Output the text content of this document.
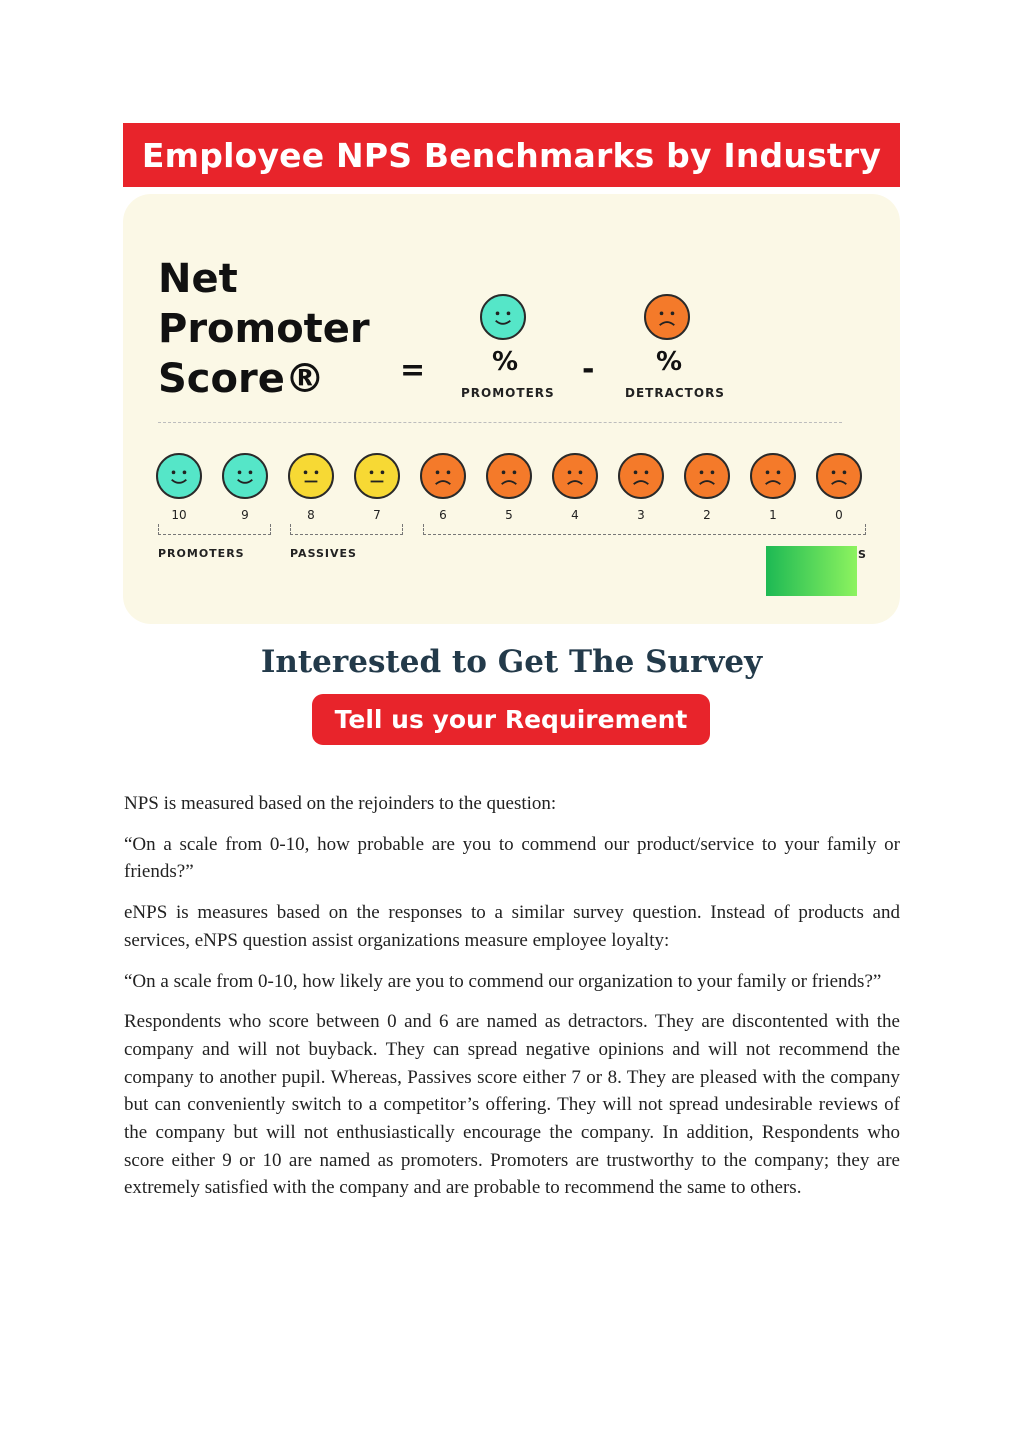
Employee NPS Benchmarks by Industry
Net
Promoter
Score®	=	%
PROMOTERS
- %
DETRACTORS
10	9	8	7	6	5	4	3	2	1	0
PROMOTERS	PASSIVES	S
Interested to Get The Survey
Tell us your Requirement

NPS is measured based on the rejoinders to the question:

“On a scale from 0-10, how probable are you to commend our product/service to your family or friends?”

eNPS is measures based on the responses to a similar survey question. Instead of products and services, eNPS question assist organizations measure employee loyalty:

“On a scale from 0-10, how likely are you to commend our organization to your family or friends?”

Respondents who score between 0 and 6 are named as detractors. They are discontented with the company and will not buyback. They can spread negative opinions and will not recommend the company to another pupil. Whereas, Passives score either 7 or 8. They are pleased with the company but can conveniently switch to a competitor’s offering. They will not spread undesirable reviews of the company but will not enthusiastically encourage the company. In addition, Respondents who score either 9 or 10 are named as promoters. Promoters are trustworthy to the company; they are extremely satisfied with the company and are probable to recommend the same to others.
